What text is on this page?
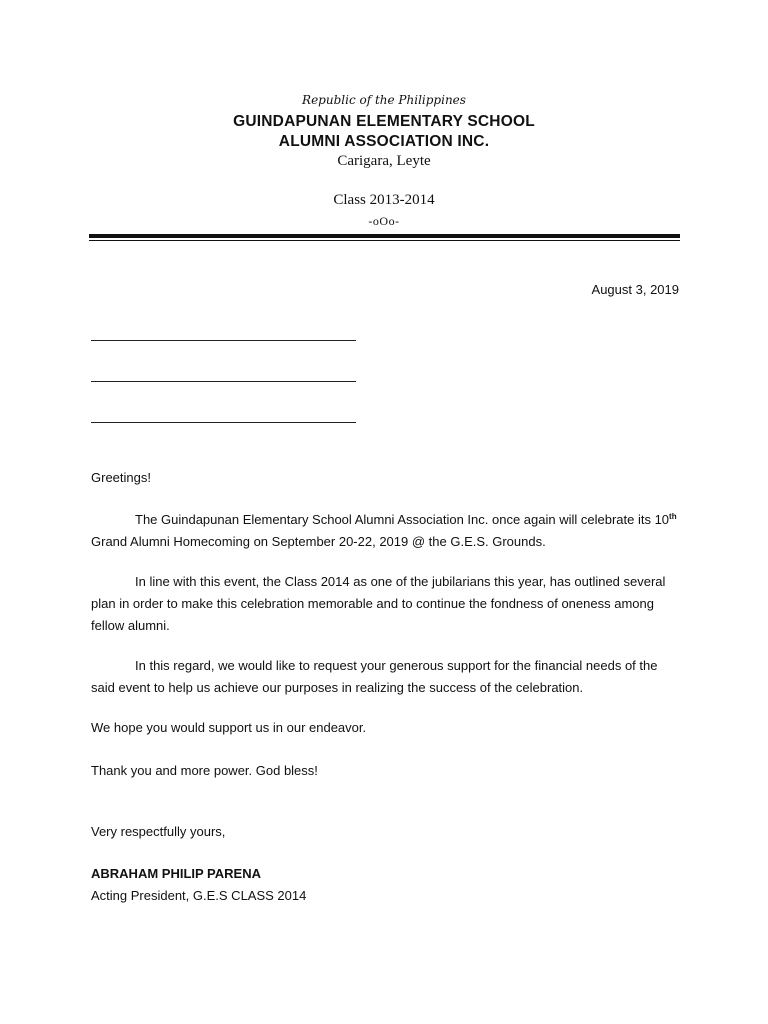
Republic of the Philippines
GUINDAPUNAN ELEMENTARY SCHOOL
ALUMNI ASSOCIATION INC.
Carigara, Leyte
Class 2013-2014
-oOo-
August 3, 2019

Greetings!

The Guindapunan Elementary School Alumni Association Inc. once again will celebrate its 10th

Grand Alumni Homecoming on September 20-22, 2019 @ the G.E.S. Grounds.

In line with this event, the Class 2014 as one of the jubilarians this year, has outlined several plan in order to make this celebration memorable and to continue the fondness of oneness among fellow alumni.

In this regard, we would like to request your generous support for the financial needs of the said event to help us achieve our purposes in realizing the success of the celebration.

We hope you would support us in our endeavor.

Thank you and more power. God bless!

Very respectfully yours,

ABRAHAM PHILIP PARENA

Acting President, G.E.S CLASS 2014
